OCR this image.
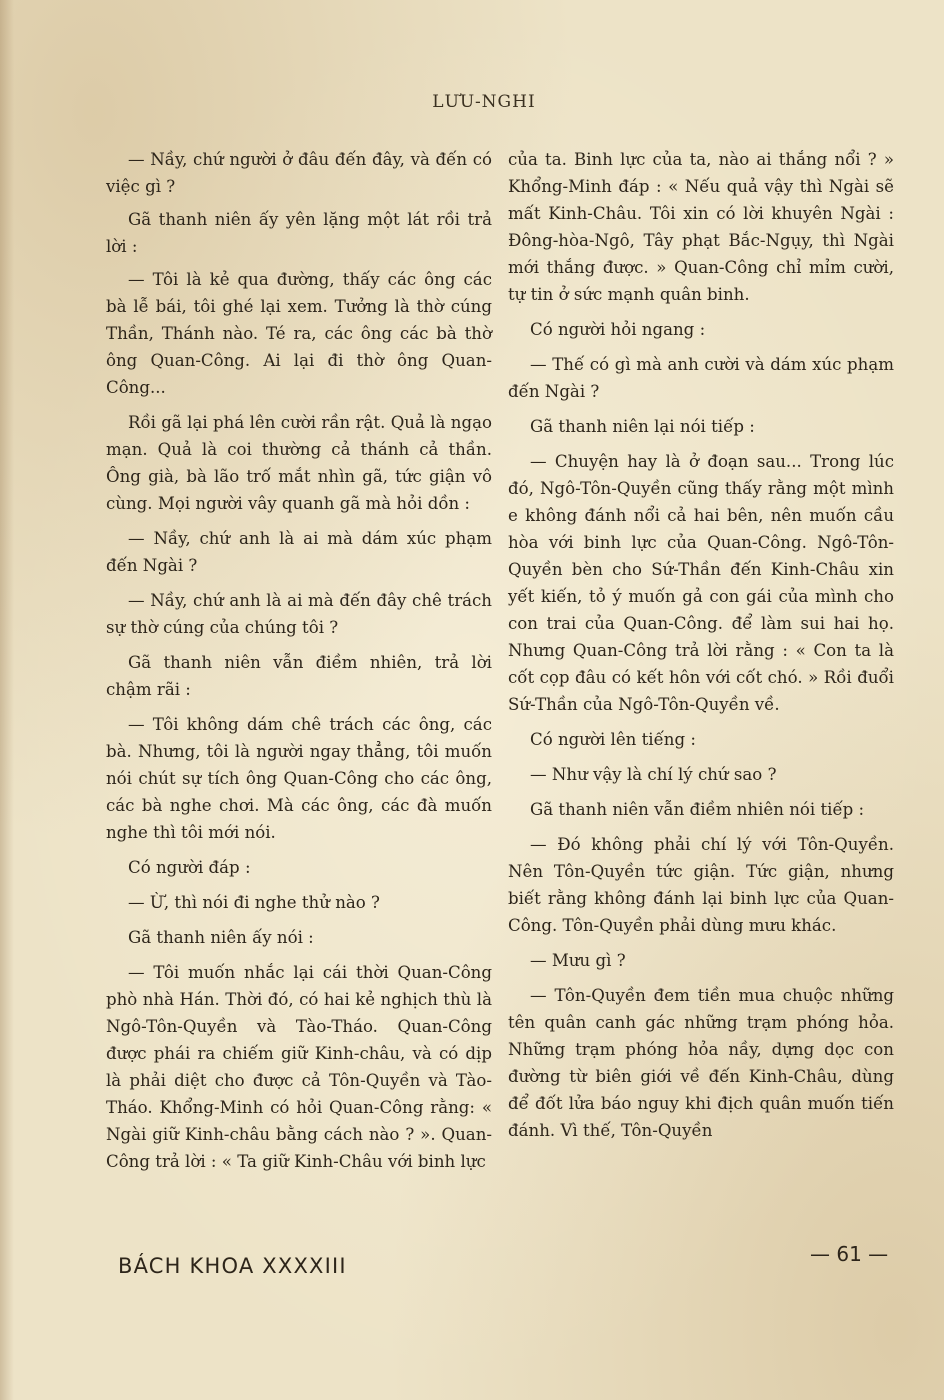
LƯU-NGHI

— Nầy, chứ người ở đâu đến đây, và đến có việc gì ?

Gã thanh niên ấy yên lặng một lát rồi trả lời :

— Tôi là kẻ qua đường, thấy các ông các bà lễ bái, tôi ghé lại xem. Tưởng là thờ cúng Thần, Thánh nào. Té ra, các ông các bà thờ ông Quan-Công. Ai lại đi thờ ông Quan-Công...

Rồi gã lại phá lên cười rần rật. Quả là ngạo mạn. Quả là coi thường cả thánh cả thần. Ông già, bà lão trố mắt nhìn gã, tức giận vô cùng. Mọi người vây quanh gã mà hỏi dồn :

— Nầy, chứ anh là ai mà dám xúc phạm đến Ngài ?

— Nầy, chứ anh là ai mà đến đây chê trách sự thờ cúng của chúng tôi ?

Gã thanh niên vẫn điềm nhiên, trả lời chậm rãi :

— Tôi không dám chê trách các ông, các bà. Nhưng, tôi là người ngay thẳng, tôi muốn nói chút sự tích ông Quan-Công cho các ông, các bà nghe chơi. Mà các ông, các đà muốn nghe thì tôi mới nói.

Có người đáp :

— Ừ, thì nói đi nghe thử nào ?

Gã thanh niên ấy nói :

— Tôi muốn nhắc lại cái thời Quan-Công phò nhà Hán. Thời đó, có hai kẻ nghịch thù là Ngô-Tôn-Quyền và Tào-Tháo. Quan-Công được phái ra chiếm giữ Kinh-châu, và có dịp là phải diệt cho được cả Tôn-Quyền và Tào-Tháo. Khổng-Minh có hỏi Quan-Công rằng: « Ngài giữ Kinh-châu bằng cách nào ? ». Quan-Công trả lời : « Ta giữ Kinh-Châu với binh lực

của ta. Binh lực của ta, nào ai thắng nổi ? » Khổng-Minh đáp : « Nếu quả vậy thì Ngài sẽ mất Kinh-Châu. Tôi xin có lời khuyên Ngài : Đông-hòa-Ngô, Tây phạt Bắc-Ngụy, thì Ngài mới thắng được. » Quan-Công chỉ mỉm cười, tự tin ở sức mạnh quân binh.

Có người hỏi ngang :

— Thế có gì mà anh cười và dám xúc phạm đến Ngài ?

Gã thanh niên lại nói tiếp :

— Chuyện hay là ở đoạn sau... Trong lúc đó, Ngô-Tôn-Quyền cũng thấy rằng một mình e không đánh nổi cả hai bên, nên muốn cầu hòa với binh lực của Quan-Công. Ngô-Tôn-Quyền bèn cho Sứ-Thần đến Kinh-Châu xin yết kiến, tỏ ý muốn gả con gái của mình cho con trai của Quan-Công. để làm sui hai họ. Nhưng Quan-Công trả lời rằng : « Con ta là cốt cọp đâu có kết hôn với cốt chó. » Rồi đuổi Sứ-Thần của Ngô-Tôn-Quyền về.

Có người lên tiếng :

— Như vậy là chí lý chứ sao ?

Gã thanh niên vẫn điềm nhiên nói tiếp :

— Đó không phải chí lý với Tôn-Quyền. Nên Tôn-Quyền tức giận. Tức giận, nhưng biết rằng không đánh lại binh lực của Quan-Công. Tôn-Quyền phải dùng mưu khác.

— Mưu gì ?

— Tôn-Quyền đem tiền mua chuộc những tên quân canh gác những trạm phóng hỏa. Những trạm phóng hỏa nầy, dựng dọc con đường từ biên giới về đến Kinh-Châu, dùng để đốt lửa báo nguy khi địch quân muốn tiến đánh. Vì thế, Tôn-Quyền

BÁCH KHOA XXXXIII	— 61 —
